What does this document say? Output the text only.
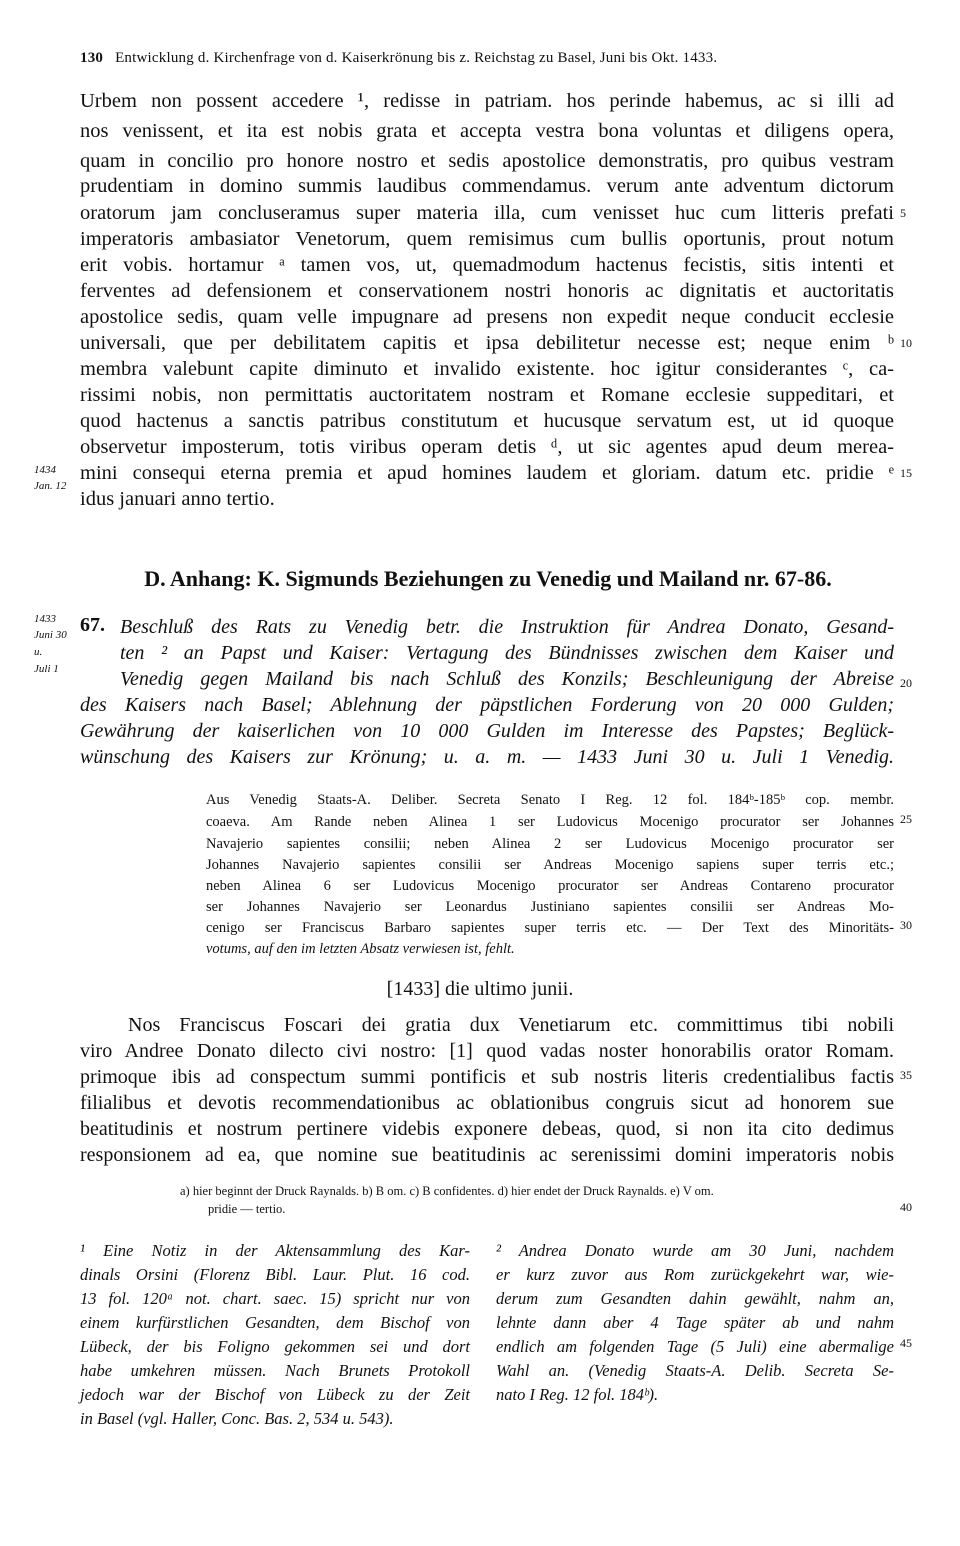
130 Entwicklung d. Kirchenfrage von d. Kaiserkrönung bis z. Reichstag zu Basel, Juni bis Okt. 1433.
Urbem non possent accedere ¹, redisse in patriam. hos perinde habemus, ac si illi ad
nos venissent, et ita est nobis grata et accepta vestra bona voluntas et diligens opera,
quam in concilio pro honore nostro et sedis apostolice demonstratis, pro quibus vestram
prudentiam in domino summis laudibus commendamus. verum ante adventum dictorum
oratorum jam concluseramus super materia illa, cum venisset huc cum litteris prefati
imperatoris ambasiator Venetorum, quem remisimus cum bullis oportunis, prout notum
erit vobis. hortamur ᵃ tamen vos, ut, quemadmodum hactenus fecistis, sitis intenti et
ferventes ad defensionem et conservationem nostri honoris ac dignitatis et auctoritatis
apostolice sedis, quam velle impugnare ad presens non expedit neque conducit ecclesie
universali, que per debilitatem capitis et ipsa debilitetur necesse est; neque enim ᵇ
membra valebunt capite diminuto et invalido existente. hoc igitur considerantes ᶜ, ca-
rissimi nobis, non permittatis auctoritatem nostram et Romane ecclesie suppeditari, et
quod hactenus a sanctis patribus constitutum et hucusque servatum est, ut id quoque
observetur imposterum, totis viribus operam detis ᵈ, ut sic agentes apud deum merea-
mini consequi eterna premia et apud homines laudem et gloriam. datum etc. pridie ᵉ
idus januari anno tertio.
5
10
15
1434
Jan. 12
D. Anhang: K. Sigmunds Beziehungen zu Venedig und Mailand nr. 67-86.
1433
Juni 30
u.
Juli 1
67. Beschluß des Rats zu Venedig betr. die Instruktion für Andrea Donato, Gesand-
ten ² an Papst und Kaiser: Vertagung des Bündnisses zwischen dem Kaiser und
Venedig gegen Mailand bis nach Schluß des Konzils; Beschleunigung der Abreise
des Kaisers nach Basel; Ablehnung der päpstlichen Forderung von 20 000 Gulden;
Gewährung der kaiserlichen von 10 000 Gulden im Interesse des Papstes; Beglück-
wünschung des Kaisers zur Krönung; u. a. m. — 1433 Juni 30 u. Juli 1 Venedig.
20
Aus Venedig Staats-A. Deliber. Secreta Senato I Reg. 12 fol. 184ᵇ-185ᵇ cop. membr.
coaeva. Am Rande neben Alinea 1 ser Ludovicus Mocenigo procurator ser Johannes
Navajerio sapientes consilii; neben Alinea 2 ser Ludovicus Mocenigo procurator ser
Johannes Navajerio sapientes consilii ser Andreas Mocenigo sapiens super terris etc.;
neben Alinea 6 ser Ludovicus Mocenigo procurator ser Andreas Contareno procurator
ser Johannes Navajerio ser Leonardus Justiniano sapientes consilii ser Andreas Mo-
cenigo ser Franciscus Barbaro sapientes super terris etc. — Der Text des Minoritäts-
votums, auf den im letzten Absatz verwiesen ist, fehlt.
25
30
[1433] die ultimo junii.
Nos Franciscus Foscari dei gratia dux Venetiarum etc. committimus tibi nobili
viro Andree Donato dilecto civi nostro: [1] quod vadas noster honorabilis orator Romam.
primoque ibis ad conspectum summi pontificis et sub nostris literis credentialibus factis
filialibus et devotis recommendationibus ac oblationibus congruis sicut ad honorem sue
beatitudinis et nostrum pertinere videbis exponere debeas, quod, si non ita cito dedimus
responsionem ad ea, que nomine sue beatitudinis ac serenissimi domini imperatoris nobis
35
a) hier beginnt der Druck Raynalds. b) B om. c) B confidentes. d) hier endet der Druck Raynalds. e) V om.
pridie — tertio.	40
¹ Eine Notiz in der Aktensammlung des Kar-
dinals Orsini (Florenz Bibl. Laur. Plut. 16 cod.
13 fol. 120ᵃ not. chart. saec. 15) spricht nur von
einem kurfürstlichen Gesandten, dem Bischof von
Lübeck, der bis Foligno gekommen sei und dort
habe umkehren müssen. Nach Brunets Protokoll
jedoch war der Bischof von Lübeck zu der Zeit
in Basel (vgl. Haller, Conc. Bas. 2, 534 u. 543).
² Andrea Donato wurde am 30 Juni, nachdem
er kurz zuvor aus Rom zurückgekehrt war, wie-
derum zum Gesandten dahin gewählt, nahm an,
lehnte dann aber 4 Tage später ab und nahm
endlich am folgenden Tage (5 Juli) eine abermalige
Wahl an. (Venedig Staats-A. Delib. Secreta Se-
nato I Reg. 12 fol. 184ᵇ).
45
